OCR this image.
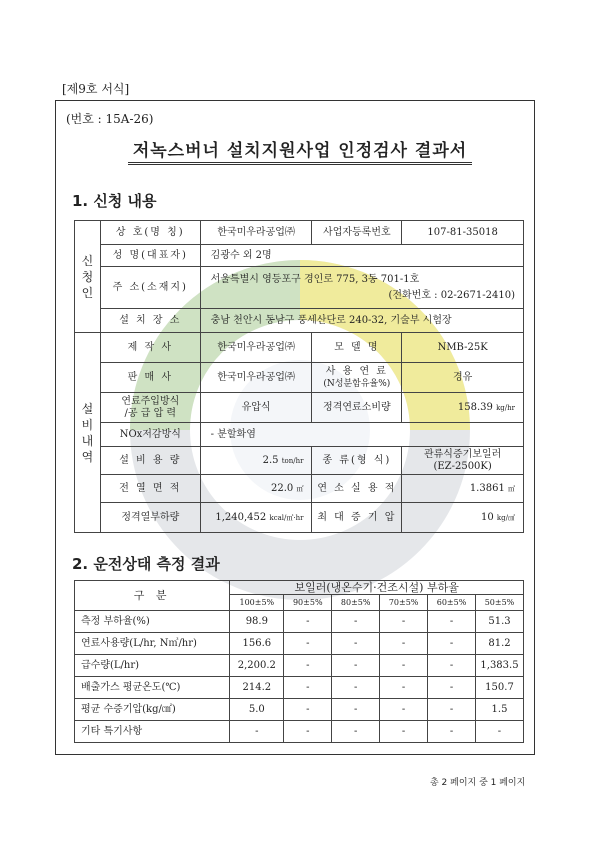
[제9호 서식]
(번호 : 15A-26)
저녹스버너 설치지원사업 인정검사 결과서
1. 신청 내용
신
청
인	상 호(명 칭)	한국미우라공업㈜	사업자등록번호	107-81-35018
	성 명(대표자)	김광수 외 2명		
	주 소(소재지)	서울특별시 영등포구 경인로 775, 3동 701-1호
(전화번호 : 02-2671-2410)		

	설 치 장 소	충남 천안시 동남구 풍세산단로 240-32, 기술부 시험장		
설
비
내
역	제 작 사	한국미우라공업㈜	모 델 명	NMB-25K
	판 매 사	한국미우라공업㈜	사 용 연 료
(N성분함유율%)	경유
	연료주입방식
/공 급 압 력	유압식	정격연료소비량	158.39 kg/hr
	NOx저감방식	- 분할화염		
	설 비 용 량	2.5 ton/hr	종 류(형 식)	관류식증기보일러
(EZ-2500K)
	전 열 면 적	22.0 ㎡	연 소 실 용 적	1.3861 ㎥
	정격열부하량	1,240,452 kcal/㎥·hr	최 대 증 기 압	10 kg/㎠
2. 운전상태 측정 결과
구 분	보일러(냉온수기·건조시설) 부하율					
	100±5%	90±5%	80±5%	70±5%	60±5%	50±5%
측정 부하율(%)	98.9	-	-	-	-	51.3
연료사용량(L/hr, N㎥/hr)	156.6	-	-	-	-	81.2
급수량(L/hr)	2,200.2	-	-	-	-	1,383.5
배출가스 평균온도(℃)	214.2	-	-	-	-	150.7
평균 수증기압(kg/㎠)	5.0	-	-	-	-	1.5
기타 특기사항	-	-	-	-	-	-
총 2 페이지 중 1 페이지
